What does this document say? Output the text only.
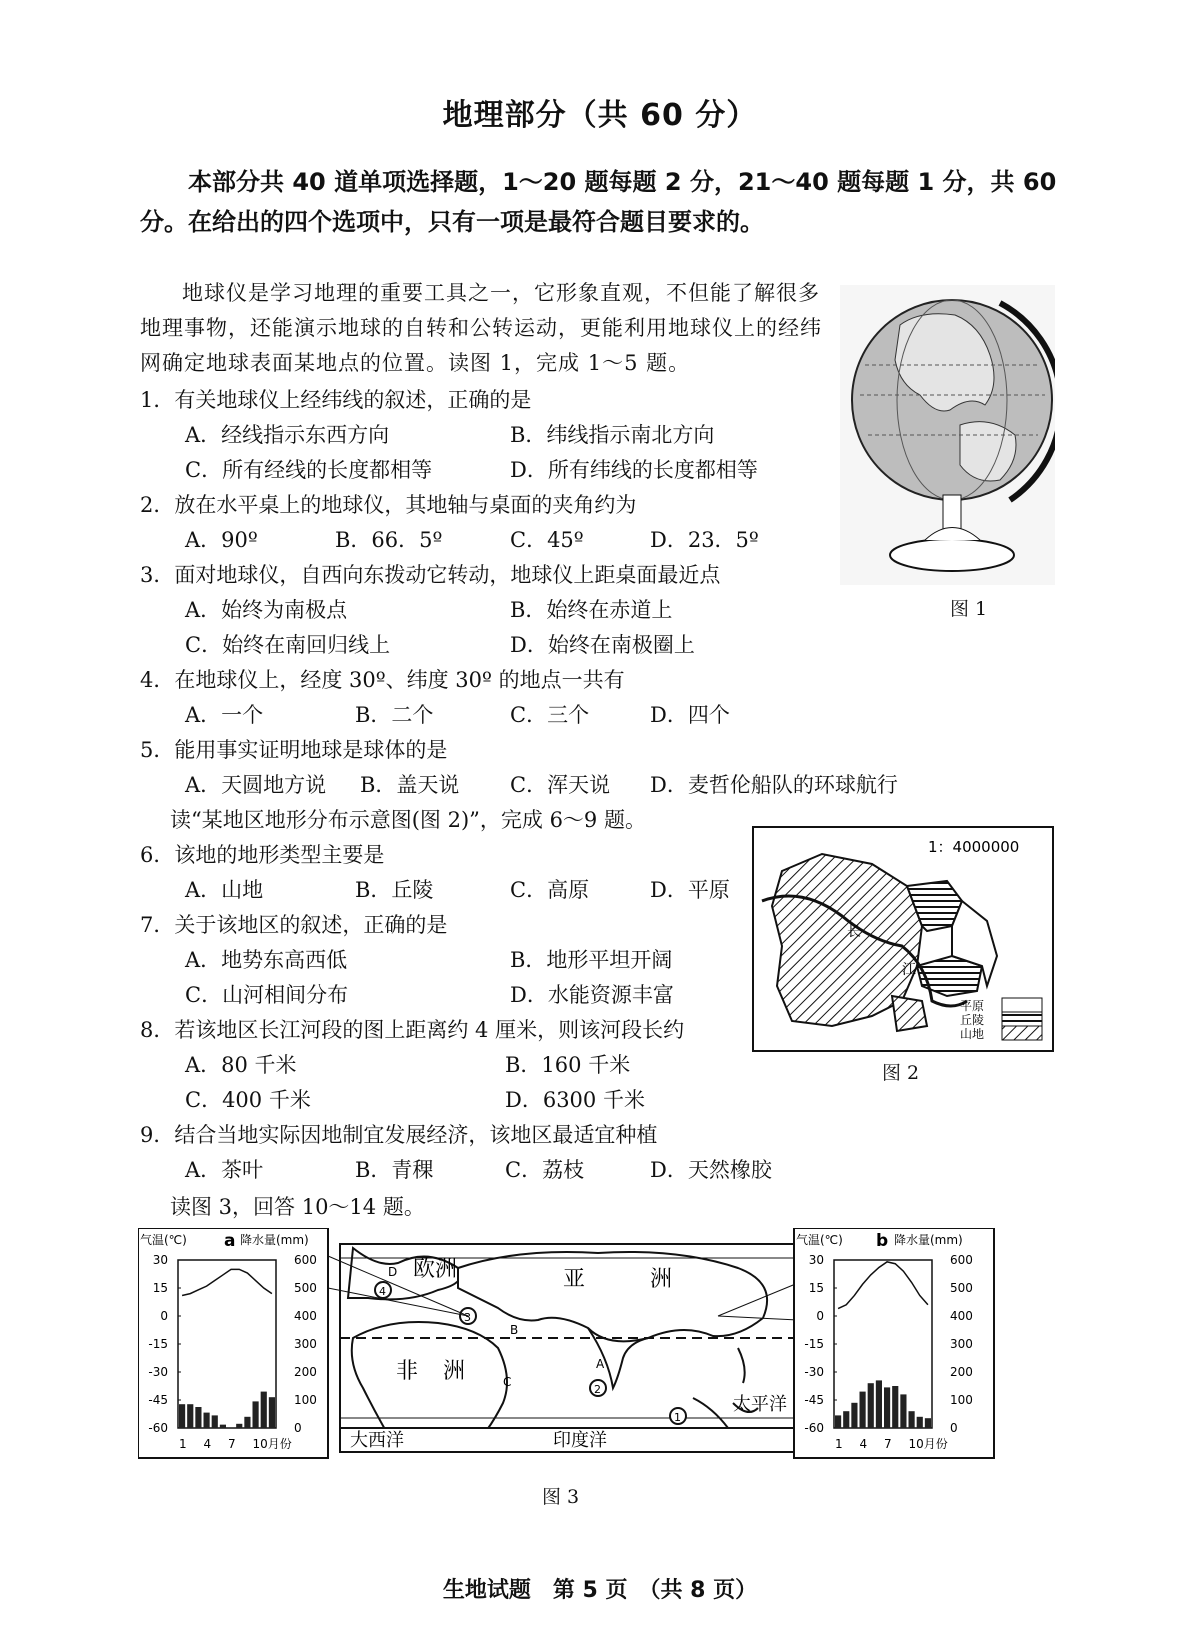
地理部分（共 60 分）
本部分共 40 道单项选择题，1～20 题每题 2 分，21～40 题每题 1 分，共 60 分。在给出的四个选项中，只有一项是最符合题目要求的。
地球仪是学习地理的重要工具之一，它形象直观，不但能了解很多地理事物，还能演示地球的自转和公转运动，更能利用地球仪上的经纬网确定地球表面某地点的位置。读图 1，完成 1～5 题。
图 1
1．有关地球仪上经纬线的叙述，正确的是
A．经线指示东西方向	B．纬线指示南北方向
C．所有经线的长度都相等	D．所有纬线的长度都相等
2．放在水平桌上的地球仪，其地轴与桌面的夹角约为
A．90º	B．66．5º	C．45º	D．23．5º
3．面对地球仪，自西向东拨动它转动，地球仪上距桌面最近点
A．始终为南极点	B．始终在赤道上
C．始终在南回归线上	D．始终在南极圈上
4．在地球仪上，经度 30º、纬度 30º 的地点一共有
A．一个	B．二个	C．三个	D．四个
5．能用事实证明地球是球体的是
A．天圆地方说 B．盖天说 C．浑天说 D．麦哲伦船队的环球航行
读“某地区地形分布示意图(图 2)”，完成 6～9 题。
6．该地的地形类型主要是
A．山地	B．丘陵	C．高原	D．平原
7．关于该地区的叙述，正确的是
A．地势东高西低	B．地形平坦开阔
C．山河相间分布	D．水能资源丰富
8．若该地区长江河段的图上距离约 4 厘米，则该河段长约
A．80 千米	B．160 千米
C．400 千米	D．6300 千米
9．结合当地实际因地制宜发展经济，该地区最适宜种植
A．茶叶	B．青稞	C．荔枝	D．天然橡胶
读图 3，回答 10～14 题。
1：4000000
长
江
平原
丘陵
山地
图 2
欧洲	亚	洲
非 洲
大西洋	印度洋
太平洋
D
B
A
C
1
2
3
4
气温(℃) a 降水量(mm)
30
15
0
-15
-30
-45
-60
600
500
400
300
200
100
0
1 4 7 10月份
气温(℃) b 降水量(mm)
30
15
0
-15
-30
-45
-60
600
500
400
300
200
100
0
1 4 7 10月份
图 3
生地试题　第 5 页　（共 8 页）
